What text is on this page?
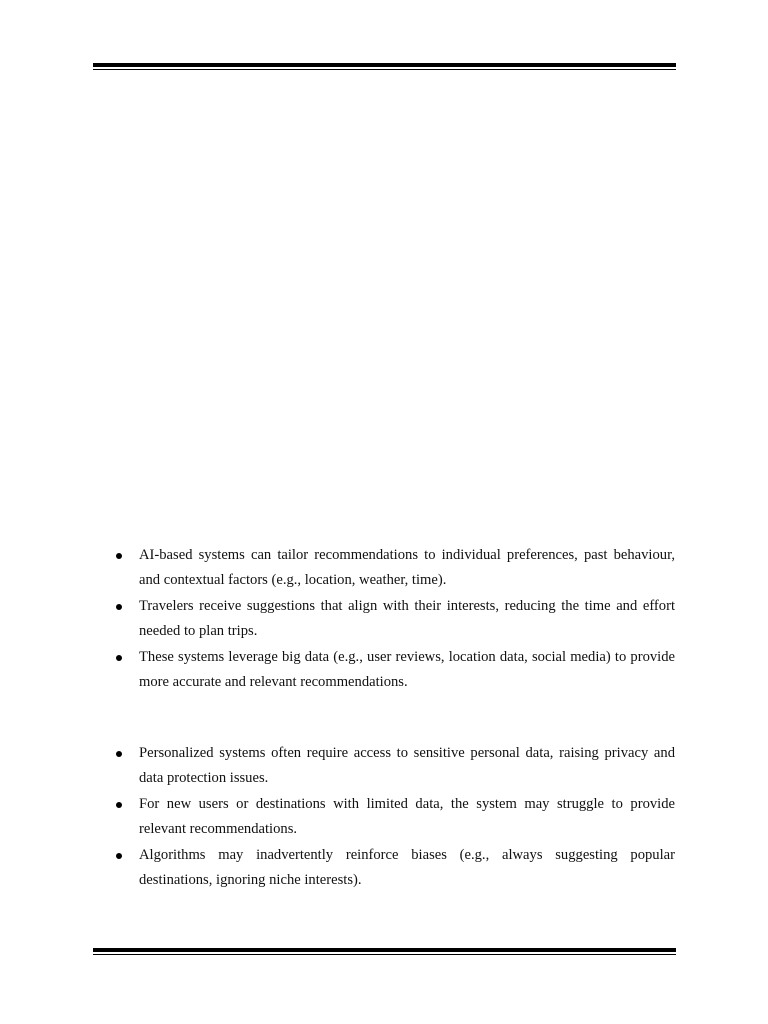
AI-based systems can tailor recommendations to individual preferences, past behaviour, and contextual factors (e.g., location, weather, time).
Travelers receive suggestions that align with their interests, reducing the time and effort needed to plan trips.
These systems leverage big data (e.g., user reviews, location data, social media) to provide more accurate and relevant recommendations.
Personalized systems often require access to sensitive personal data, raising privacy and data protection issues.
For new users or destinations with limited data, the system may struggle to provide relevant recommendations.
Algorithms may inadvertently reinforce biases (e.g., always suggesting popular destinations, ignoring niche interests).
